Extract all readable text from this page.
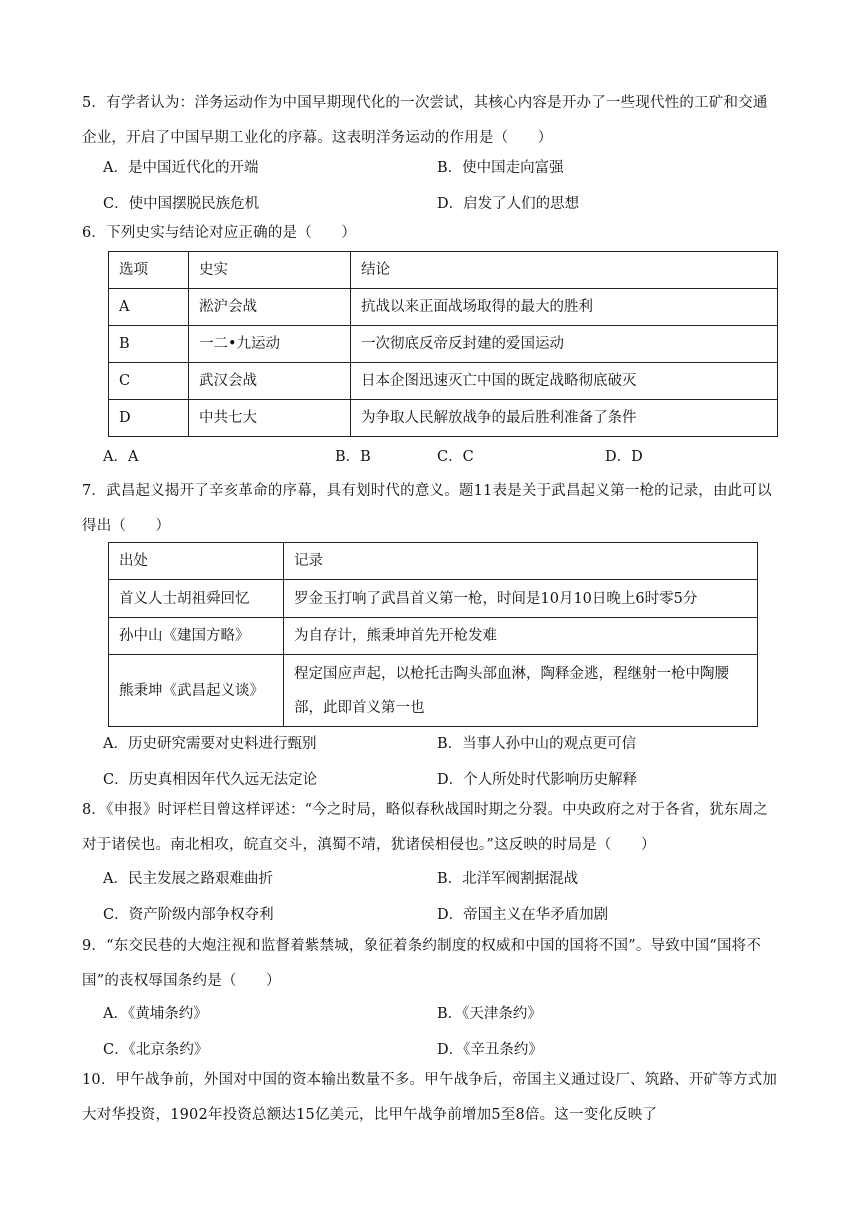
5．有学者认为：洋务运动作为中国早期现代化的一次尝试，其核心内容是开办了一些现代性的工矿和交通企业，开启了中国早期工业化的序幕。这表明洋务运动的作用是（　　）
A．是中国近代化的开端	B．使中国走向富强
C．使中国摆脱民族危机	D．启发了人们的思想
6．下列史实与结论对应正确的是（　　）
选项	史实	结论
A	淞沪会战	抗战以来正面战场取得的最大的胜利
B	一二•九运动	一次彻底反帝反封建的爱国运动
C	武汉会战	日本企图迅速灭亡中国的既定战略彻底破灭
D	中共七大	为争取人民解放战争的最后胜利准备了条件
A．A	B．B	C．C	D．D
7．武昌起义揭开了辛亥革命的序幕，具有划时代的意义。题11表是关于武昌起义第一枪的记录，由此可以得出（　　）
出处	记录
首义人士胡祖舜回忆	罗金玉打响了武昌首义第一枪，时间是10月10日晚上6时零5分
孙中山《建国方略》	为自存计，熊秉坤首先开枪发难
熊秉坤《武昌起义谈》	程定国应声起，以枪托击陶头部血淋，陶释金逃，程继射一枪中陶腰部，此即首义第一也
A．历史研究需要对史料进行甄别	B．当事人孙中山的观点更可信
C．历史真相因年代久远无法定论	D．个人所处时代影响历史解释
8．《申报》时评栏目曾这样评述：“今之时局，略似春秋战国时期之分裂。中央政府之对于各省，犹东周之对于诸侯也。南北相攻，皖直交斗，滇蜀不靖，犹诸侯相侵也。”这反映的时局是（　　）
A．民主发展之路艰难曲折	B．北洋军阀割据混战
C．资产阶级内部争权夺利	D．帝国主义在华矛盾加剧
9．“东交民巷的大炮注视和监督着紫禁城，象征着条约制度的权威和中国的国将不国”。导致中国“国将不国”的丧权辱国条约是（　　）
A．《黄埔条约》	B．《天津条约》
C．《北京条约》	D．《辛丑条约》
10．甲午战争前，外国对中国的资本输出数量不多。甲午战争后，帝国主义通过设厂、筑路、开矿等方式加大对华投资，1902年投资总额达15亿美元，比甲午战争前增加5至8倍。这一变化反映了
